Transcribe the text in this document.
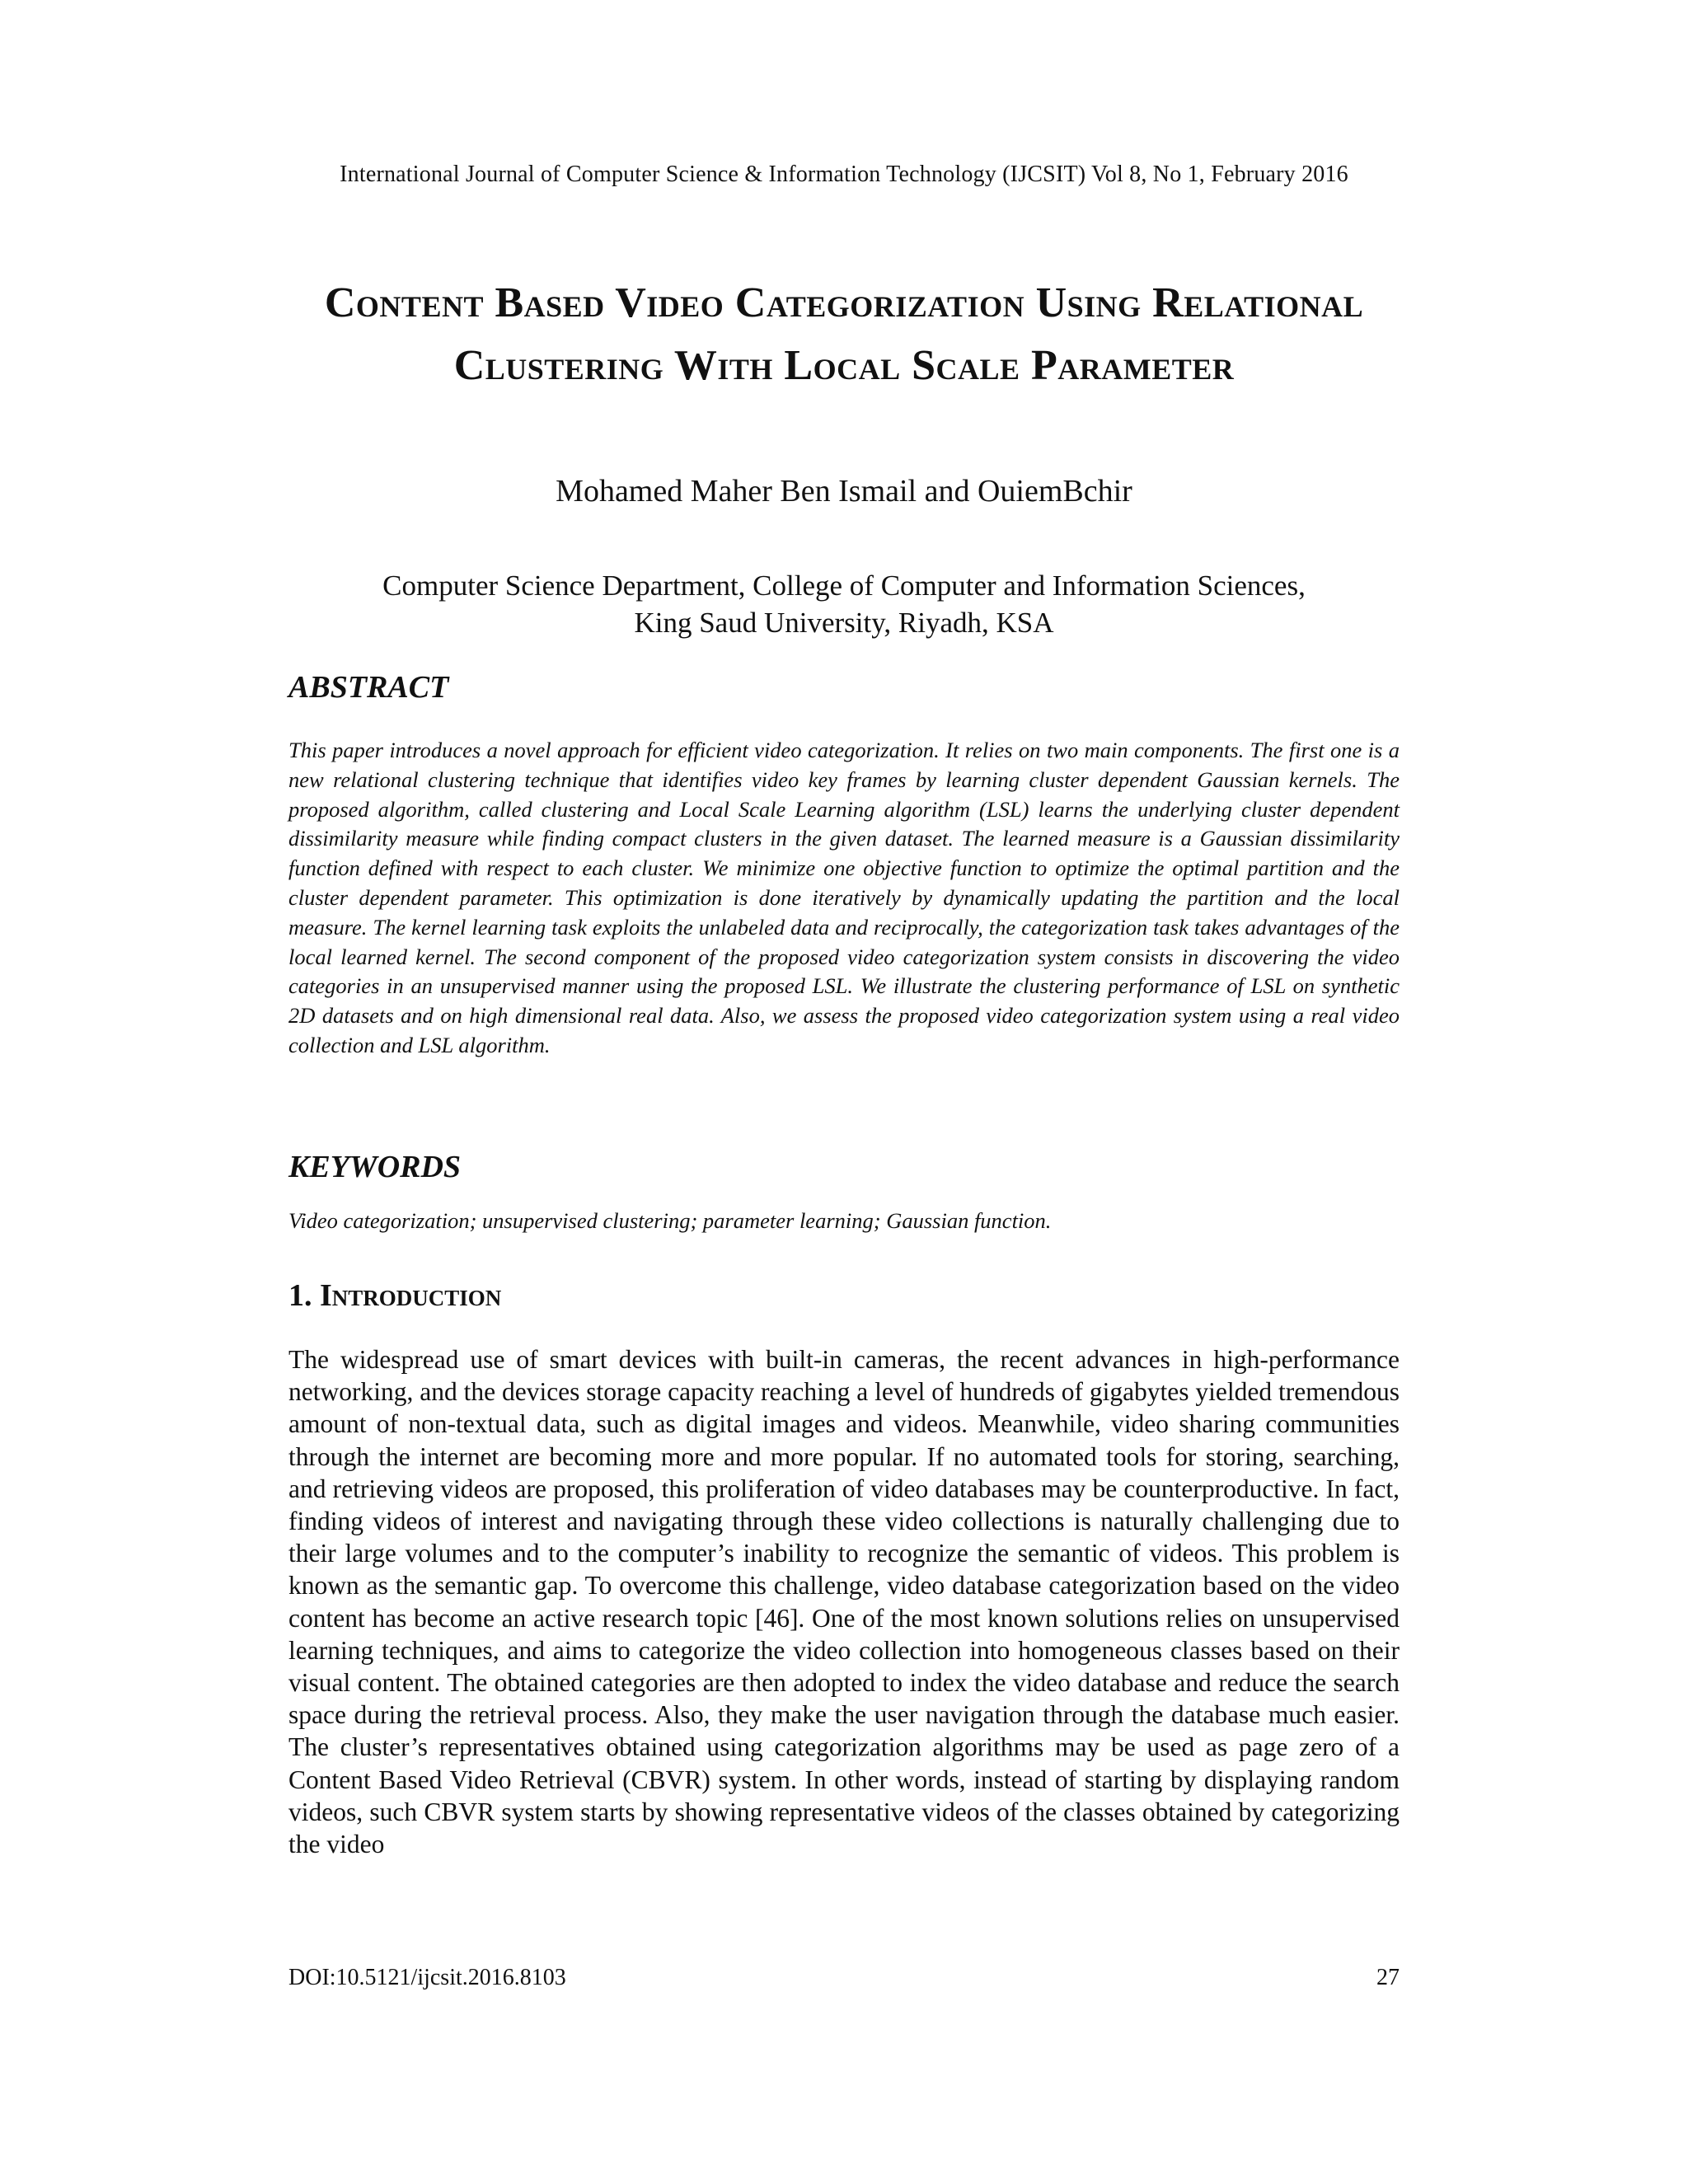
International Journal of Computer Science & Information Technology (IJCSIT) Vol 8, No 1, February 2016
Content Based Video Categorization Using Relational Clustering With Local Scale Parameter
Mohamed Maher Ben Ismail and OuiemBchir
Computer Science Department, College of Computer and Information Sciences,
King Saud University, Riyadh, KSA
ABSTRACT
This paper introduces a novel approach for efficient video categorization. It relies on two main components. The first one is a new relational clustering technique that identifies video key frames by learning cluster dependent Gaussian kernels. The proposed algorithm, called clustering and Local Scale Learning algorithm (LSL) learns the underlying cluster dependent dissimilarity measure while finding compact clusters in the given dataset. The learned measure is a Gaussian dissimilarity function defined with respect to each cluster. We minimize one objective function to optimize the optimal partition and the cluster dependent parameter. This optimization is done iteratively by dynamically updating the partition and the local measure. The kernel learning task exploits the unlabeled data and reciprocally, the categorization task takes advantages of the local learned kernel. The second component of the proposed video categorization system consists in discovering the video categories in an unsupervised manner using the proposed LSL. We illustrate the clustering performance of LSL on synthetic 2D datasets and on high dimensional real data. Also, we assess the proposed video categorization system using a real video collection and LSL algorithm.
KEYWORDS
Video categorization; unsupervised clustering; parameter learning; Gaussian function.
1. Introduction
The widespread use of smart devices with built-in cameras, the recent advances in high-performance networking, and the devices storage capacity reaching a level of hundreds of gigabytes yielded tremendous amount of non-textual data, such as digital images and videos. Meanwhile, video sharing communities through the internet are becoming more and more popular. If no automated tools for storing, searching, and retrieving videos are proposed, this proliferation of video databases may be counterproductive. In fact, finding videos of interest and navigating through these video collections is naturally challenging due to their large volumes and to the computer’s inability to recognize the semantic of videos. This problem is known as the semantic gap. To overcome this challenge, video database categorization based on the video content has become an active research topic [46]. One of the most known solutions relies on unsupervised learning techniques, and aims to categorize the video collection into homogeneous classes based on their visual content. The obtained categories are then adopted to index the video database and reduce the search space during the retrieval process. Also, they make the user navigation through the database much easier. The cluster’s representatives obtained using categorization algorithms may be used as page zero of a Content Based Video Retrieval (CBVR) system. In other words, instead of starting by displaying random videos, such CBVR system starts by showing representative videos of the classes obtained by categorizing the video
DOI:10.5121/ijcsit.2016.8103	27
